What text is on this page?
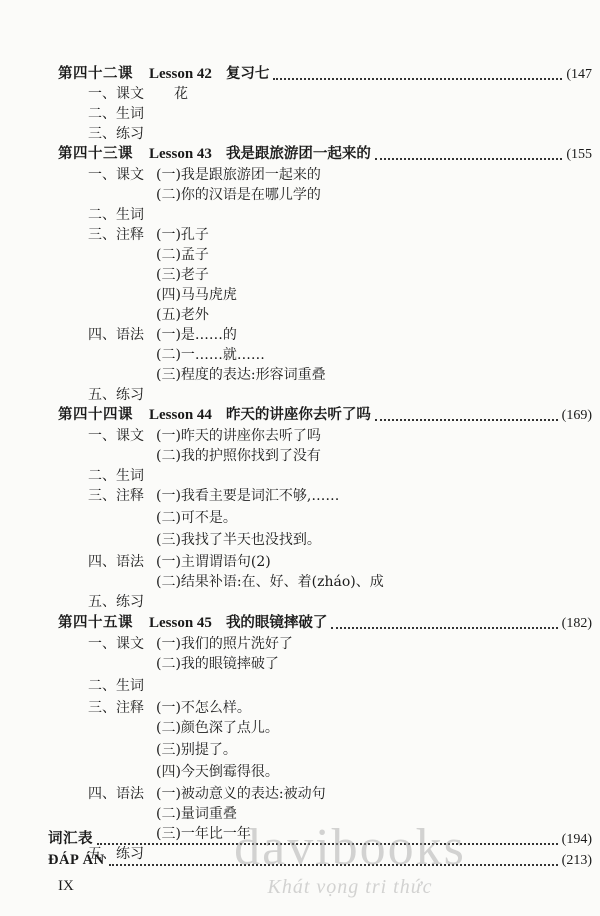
第四十二课 Lesson 42 复习七	(147
一、课文 花
二、生词
三、练习
第四十三课 Lesson 43 我是跟旅游团一起来的	(155
一、课文 (一)我是跟旅游团一起来的
(二)你的汉语是在哪儿学的
二、生词
三、注释 (一)孔子
(二)孟子
(三)老子
(四)马马虎虎
(五)老外
四、语法 (一)是……的
(二)一……就……
(三)程度的表达:形容词重叠
五、练习
第四十四课 Lesson 44 昨天的讲座你去听了吗	(169)
一、课文 (一)昨天的讲座你去听了吗
(二)我的护照你找到了没有
二、生词
三、注释 (一)我看主要是词汇不够,……
(二)可不是。
(三)我找了半天也没找到。
四、语法 (一)主谓谓语句(2)
(二)结果补语:在、好、着(zháo)、成
五、练习
第四十五课 Lesson 45 我的眼镜摔破了	(182)
一、课文 (一)我们的照片洗好了
(二)我的眼镜摔破了
二、生词
三、注释 (一)不怎么样。
(二)颜色深了点儿。
(三)别提了。
(四)今天倒霉得很。
四、语法 (一)被动意义的表达:被动句
(二)量词重叠
(三)一年比一年
五、练习
词汇表	(194)
ĐÁP ÁN	(213)
davibooks
Khát vọng tri thức
IX
